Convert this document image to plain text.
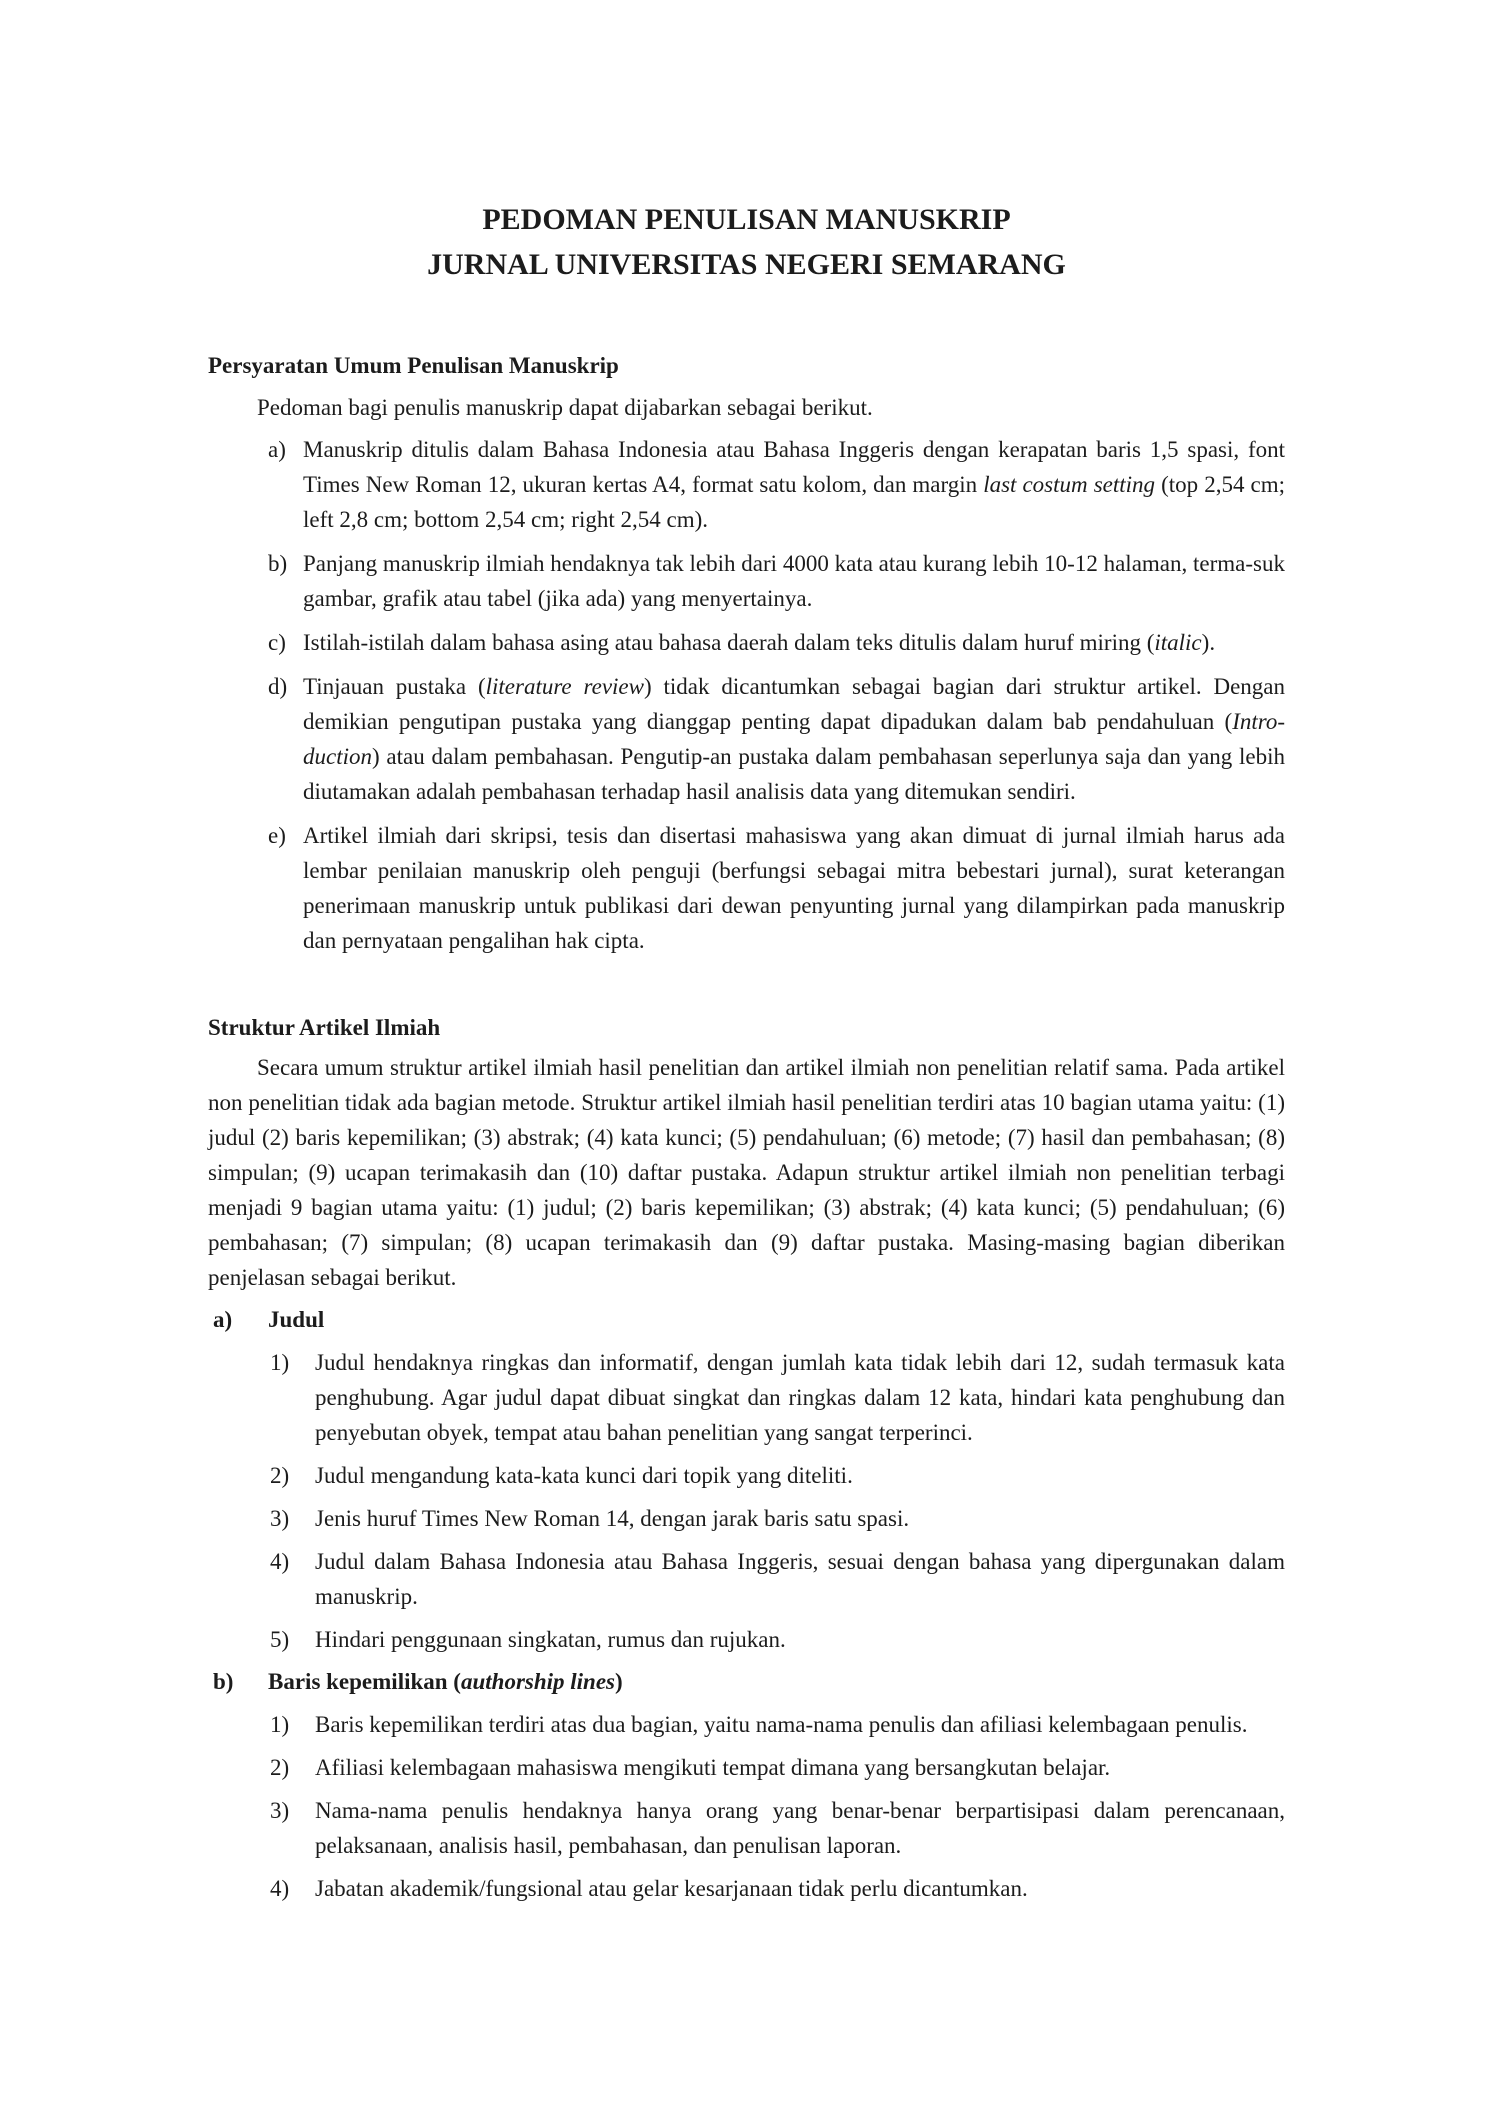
PEDOMAN PENULISAN MANUSKRIP
JURNAL UNIVERSITAS NEGERI SEMARANG
Persyaratan Umum Penulisan Manuskrip

Pedoman bagi penulis manuskrip dapat dijabarkan sebagai berikut.

a) Manuskrip ditulis dalam Bahasa Indonesia atau Bahasa Inggeris dengan kerapatan baris 1,5 spasi, font Times New Roman 12, ukuran kertas A4, format satu kolom, dan margin last costum setting (top 2,54 cm; left 2,8 cm; bottom 2,54 cm; right 2,54 cm).
b) Panjang manuskrip ilmiah hendaknya tak lebih dari 4000 kata atau kurang lebih 10-12 halaman, terma-suk gambar, grafik atau tabel (jika ada) yang menyertainya.
c) Istilah-istilah dalam bahasa asing atau bahasa daerah dalam teks ditulis dalam huruf miring (italic).
d) Tinjauan pustaka (literature review) tidak dicantumkan sebagai bagian dari struktur artikel. Dengan demikian pengutipan pustaka yang dianggap penting dapat dipadukan dalam bab pendahuluan (Intro-duction) atau dalam pembahasan. Pengutip-an pustaka dalam pembahasan seperlunya saja dan yang lebih diutamakan adalah pembahasan terhadap hasil analisis data yang ditemukan sendiri.
e) Artikel ilmiah dari skripsi, tesis dan disertasi mahasiswa yang akan dimuat di jurnal ilmiah harus ada lembar penilaian manuskrip oleh penguji (berfungsi sebagai mitra bebestari jurnal), surat keterangan penerimaan manuskrip untuk publikasi dari dewan penyunting jurnal yang dilampirkan pada manuskrip dan pernyataan pengalihan hak cipta.
Struktur Artikel Ilmiah

Secara umum struktur artikel ilmiah hasil penelitian dan artikel ilmiah non penelitian relatif sama. Pada artikel non penelitian tidak ada bagian metode. Struktur artikel ilmiah hasil penelitian terdiri atas 10 bagian utama yaitu: (1) judul (2) baris kepemilikan; (3) abstrak; (4) kata kunci; (5) pendahuluan; (6) metode; (7) hasil dan pembahasan; (8) simpulan; (9) ucapan terimakasih dan (10) daftar pustaka. Adapun struktur artikel ilmiah non penelitian terbagi menjadi 9 bagian utama yaitu: (1) judul; (2) baris kepemilikan; (3) abstrak; (4) kata kunci; (5) pendahuluan; (6) pembahasan; (7) simpulan; (8) ucapan terimakasih dan (9) daftar pustaka. Masing-masing bagian diberikan penjelasan sebagai berikut.

a) Judul
1) Judul hendaknya ringkas dan informatif, dengan jumlah kata tidak lebih dari 12, sudah termasuk kata penghubung. Agar judul dapat dibuat singkat dan ringkas dalam 12 kata, hindari kata penghubung dan penyebutan obyek, tempat atau bahan penelitian yang sangat terperinci.
2) Judul mengandung kata-kata kunci dari topik yang diteliti.
3) Jenis huruf Times New Roman 14, dengan jarak baris satu spasi.
4) Judul dalam Bahasa Indonesia atau Bahasa Inggeris, sesuai dengan bahasa yang dipergunakan dalam manuskrip.
5) Hindari penggunaan singkatan, rumus dan rujukan.
b) Baris kepemilikan (authorship lines)
1) Baris kepemilikan terdiri atas dua bagian, yaitu nama-nama penulis dan afiliasi kelembagaan penulis.
2) Afiliasi kelembagaan mahasiswa mengikuti tempat dimana yang bersangkutan belajar.
3) Nama-nama penulis hendaknya hanya orang yang benar-benar berpartisipasi dalam perencanaan, pelaksanaan, analisis hasil, pembahasan, dan penulisan laporan.
4) Jabatan akademik/fungsional atau gelar kesarjanaan tidak perlu dicantumkan.
